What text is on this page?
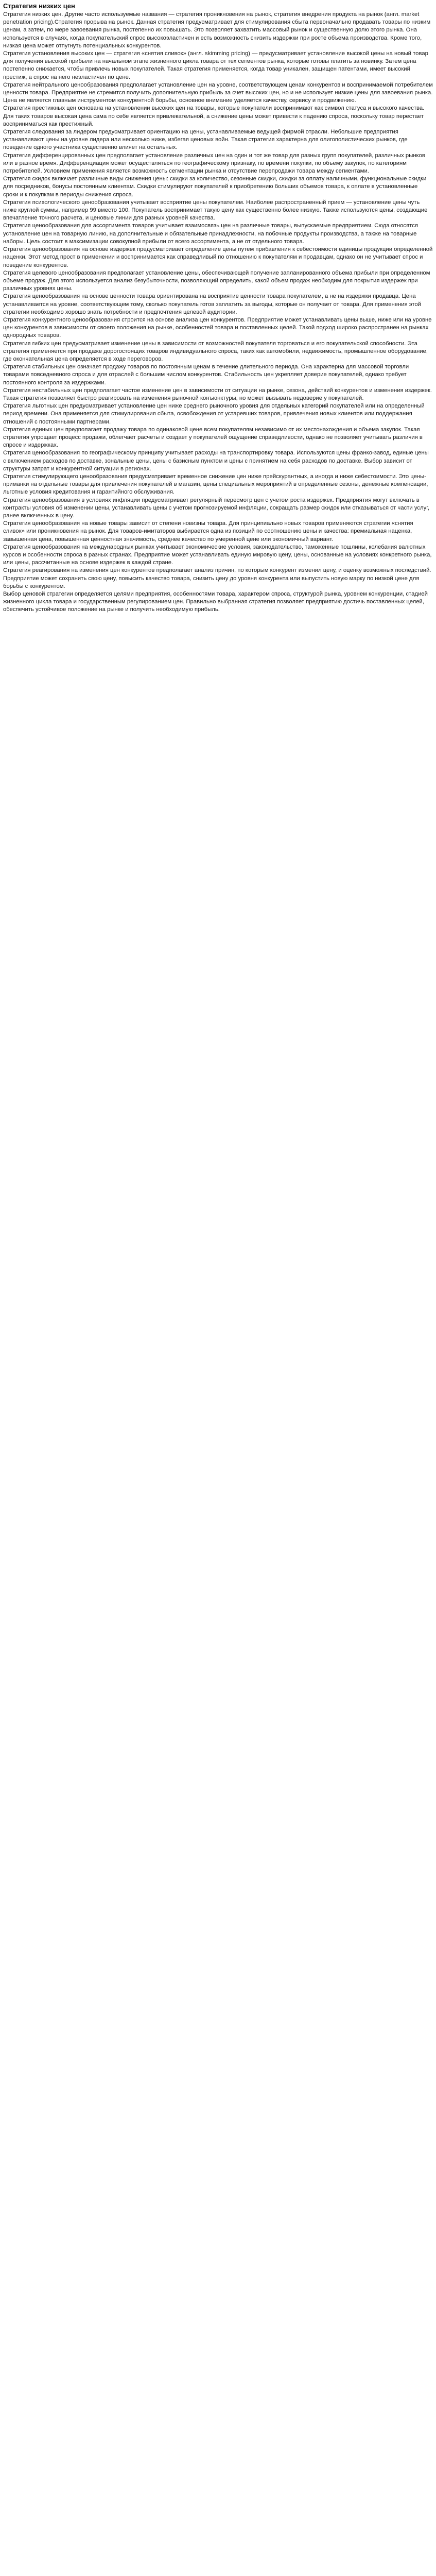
Стратегия низких цен

Стратегия низких цен. Другие часто используемые названия — стратегия проникновения на рынок, стратегия внедрения продукта на рынок (англ. market penetration pricing).Стратегия прорыва на рынок. Данная стратегия предусматривает для стимулирования сбыта первоначально продавать товары по низким ценам, а затем, по мере завоевания рынка, постепенно их повышать. Это позволяет захватить массовый рынок и существенную долю этого рынка. Она используется в случаях, когда покупательский спрос высокоэластичен и есть возможность снизить издержки при росте объема производства. Кроме того, низкая цена может отпугнуть потенциальных конкурентов.

Стратегия установления высоких цен — стратегия «снятия сливок» (англ. skimming pricing) — предусматривает установление высокой цены на новый товар для получения высокой прибыли на начальном этапе жизненного цикла товара от тех сегментов рынка, которые готовы платить за новинку. Затем цена постепенно снижается, чтобы привлечь новых покупателей. Такая стратегия применяется, когда товар уникален, защищен патентами, имеет высокий престиж, а спрос на него неэластичен по цене.

Стратегия нейтрального ценообразования предполагает установление цен на уровне, соответствующем ценам конкурентов и воспринимаемой потребителем ценности товара. Предприятие не стремится получить дополнительную прибыль за счет высоких цен, но и не использует низкие цены для завоевания рынка. Цена не является главным инструментом конкурентной борьбы, основное внимание уделяется качеству, сервису и продвижению.

Стратегия престижных цен основана на установлении высоких цен на товары, которые покупатели воспринимают как символ статуса и высокого качества. Для таких товаров высокая цена сама по себе является привлекательной, а снижение цены может привести к падению спроса, поскольку товар перестает восприниматься как престижный.

Стратегия следования за лидером предусматривает ориентацию на цены, устанавливаемые ведущей фирмой отрасли. Небольшие предприятия устанавливают цены на уровне лидера или несколько ниже, избегая ценовых войн. Такая стратегия характерна для олигополистических рынков, где поведение одного участника существенно влияет на остальных.

Стратегия дифференцированных цен предполагает установление различных цен на один и тот же товар для разных групп покупателей, различных рынков или в разное время. Дифференциация может осуществляться по географическому признаку, по времени покупки, по объему закупок, по категориям потребителей. Условием применения является возможность сегментации рынка и отсутствие перепродажи товара между сегментами.

Стратегия скидок включает различные виды снижения цены: скидки за количество, сезонные скидки, скидки за оплату наличными, функциональные скидки для посредников, бонусы постоянным клиентам. Скидки стимулируют покупателей к приобретению больших объемов товара, к оплате в установленные сроки и к покупкам в периоды снижения спроса.

Стратегия психологического ценообразования учитывает восприятие цены покупателем. Наиболее распространенный прием — установление цены чуть ниже круглой суммы, например 99 вместо 100. Покупатель воспринимает такую цену как существенно более низкую. Также используются цены, создающие впечатление точного расчета, и ценовые линии для разных уровней качества.

Стратегия ценообразования для ассортимента товаров учитывает взаимосвязь цен на различные товары, выпускаемые предприятием. Сюда относятся установление цен на товарную линию, на дополнительные и обязательные принадлежности, на побочные продукты производства, а также на товарные наборы. Цель состоит в максимизации совокупной прибыли от всего ассортимента, а не от отдельного товара.

Стратегия ценообразования на основе издержек предусматривает определение цены путем прибавления к себестоимости единицы продукции определенной наценки. Этот метод прост в применении и воспринимается как справедливый по отношению к покупателям и продавцам, однако он не учитывает спрос и поведение конкурентов.

Стратегия целевого ценообразования предполагает установление цены, обеспечивающей получение запланированного объема прибыли при определенном объеме продаж. Для этого используется анализ безубыточности, позволяющий определить, какой объем продаж необходим для покрытия издержек при различных уровнях цены.

Стратегия ценообразования на основе ценности товара ориентирована на восприятие ценности товара покупателем, а не на издержки продавца. Цена устанавливается на уровне, соответствующем тому, сколько покупатель готов заплатить за выгоды, которые он получает от товара. Для применения этой стратегии необходимо хорошо знать потребности и предпочтения целевой аудитории.

Стратегия конкурентного ценообразования строится на основе анализа цен конкурентов. Предприятие может устанавливать цены выше, ниже или на уровне цен конкурентов в зависимости от своего положения на рынке, особенностей товара и поставленных целей. Такой подход широко распространен на рынках однородных товаров.

Стратегия гибких цен предусматривает изменение цены в зависимости от возможностей покупателя торговаться и его покупательской способности. Эта стратегия применяется при продаже дорогостоящих товаров индивидуального спроса, таких как автомобили, недвижимость, промышленное оборудование, где окончательная цена определяется в ходе переговоров.

Стратегия стабильных цен означает продажу товаров по постоянным ценам в течение длительного периода. Она характерна для массовой торговли товарами повседневного спроса и для отраслей с большим числом конкурентов. Стабильность цен укрепляет доверие покупателей, однако требует постоянного контроля за издержками.

Стратегия нестабильных цен предполагает частое изменение цен в зависимости от ситуации на рынке, сезона, действий конкурентов и изменения издержек. Такая стратегия позволяет быстро реагировать на изменения рыночной конъюнктуры, но может вызывать недоверие у покупателей.

Стратегия льготных цен предусматривает установление цен ниже среднего рыночного уровня для отдельных категорий покупателей или на определенный период времени. Она применяется для стимулирования сбыта, освобождения от устаревших товаров, привлечения новых клиентов или поддержания отношений с постоянными партнерами.

Стратегия единых цен предполагает продажу товара по одинаковой цене всем покупателям независимо от их местонахождения и объема закупок. Такая стратегия упрощает процесс продажи, облегчает расчеты и создает у покупателей ощущение справедливости, однако не позволяет учитывать различия в спросе и издержках.

Стратегия ценообразования по географическому принципу учитывает расходы на транспортировку товара. Используются цены франко-завод, единые цены с включением расходов по доставке, зональные цены, цены с базисным пунктом и цены с принятием на себя расходов по доставке. Выбор зависит от структуры затрат и конкурентной ситуации в регионах.

Стратегия стимулирующего ценообразования предусматривает временное снижение цен ниже прейскурантных, а иногда и ниже себестоимости. Это цены-приманки на отдельные товары для привлечения покупателей в магазин, цены специальных мероприятий в определенные сезоны, денежные компенсации, льготные условия кредитования и гарантийного обслуживания.

Стратегия ценообразования в условиях инфляции предусматривает регулярный пересмотр цен с учетом роста издержек. Предприятия могут включать в контракты условия об изменении цены, устанавливать цены с учетом прогнозируемой инфляции, сокращать размер скидок или отказываться от части услуг, ранее включенных в цену.

Стратегия ценообразования на новые товары зависит от степени новизны товара. Для принципиально новых товаров применяются стратегии «снятия сливок» или проникновения на рынок. Для товаров-имитаторов выбирается одна из позиций по соотношению цены и качества: премиальная наценка, завышенная цена, повышенная ценностная значимость, среднее качество по умеренной цене или экономичный вариант.

Стратегия ценообразования на международных рынках учитывает экономические условия, законодательство, таможенные пошлины, колебания валютных курсов и особенности спроса в разных странах. Предприятие может устанавливать единую мировую цену, цены, основанные на условиях конкретного рынка, или цены, рассчитанные на основе издержек в каждой стране.

Стратегия реагирования на изменения цен конкурентов предполагает анализ причин, по которым конкурент изменил цену, и оценку возможных последствий. Предприятие может сохранить свою цену, повысить качество товара, снизить цену до уровня конкурента или выпустить новую марку по низкой цене для борьбы с конкурентом.

Выбор ценовой стратегии определяется целями предприятия, особенностями товара, характером спроса, структурой рынка, уровнем конкуренции, стадией жизненного цикла товара и государственным регулированием цен. Правильно выбранная стратегия позволяет предприятию достичь поставленных целей, обеспечить устойчивое положение на рынке и получить необходимую прибыль.
